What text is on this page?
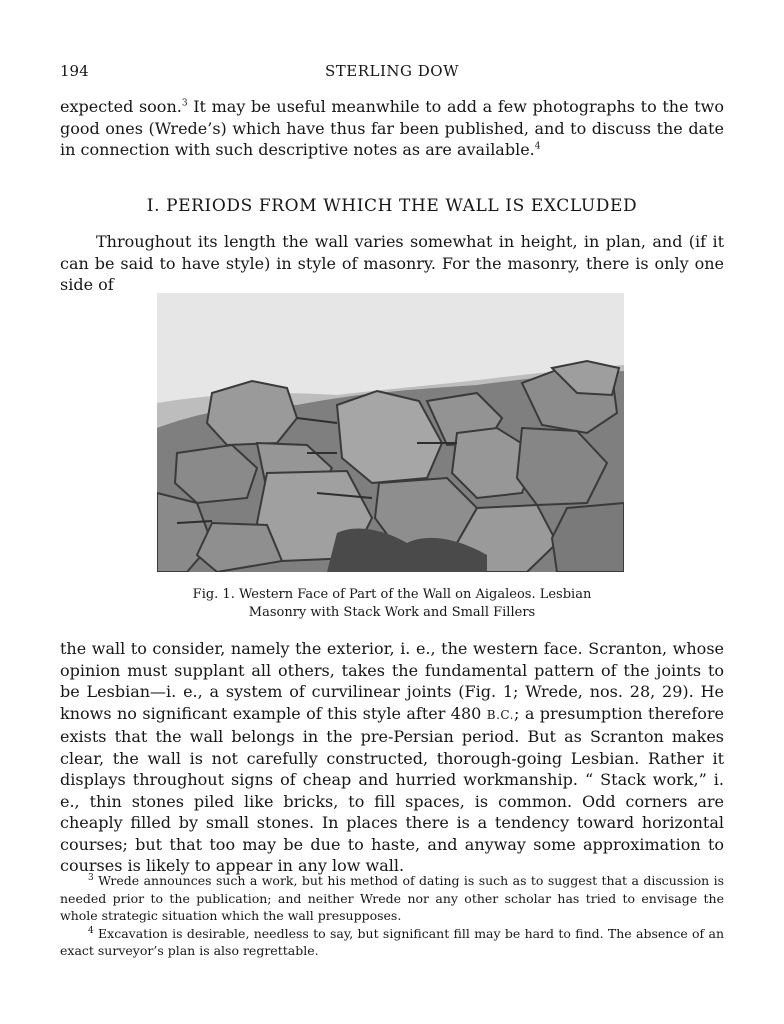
194	STERLING DOW

expected soon.$^3$ It may be useful meanwhile to add a few photographs to the two good ones (Wrede’s) which have thus far been published, and to discuss the date in connection with such descriptive notes as are available.$^4$

I. PERIODS FROM WHICH THE WALL IS EXCLUDED

Throughout its length the wall varies somewhat in height, in plan, and (if it can be said to have style) in style of masonry. For the masonry, there is only one side of

Fig. 1. Western Face of Part of the Wall on Aigaleos. Lesbian
Masonry with Stack Work and Small Fillers

the wall to consider, namely the exterior, i. e., the western face. Scranton, whose opinion must supplant all others, takes the fundamental pattern of the joints to be Lesbian—i. e., a system of curvilinear joints (Fig. 1; Wrede, nos. 28, 29). He knows no significant example of this style after 480 B.C.; a presumption therefore exists that the wall belongs in the pre-Persian period. But as Scranton makes clear, the wall is not carefully constructed, thorough-going Lesbian. Rather it displays throughout signs of cheap and hurried workmanship. “ Stack work,” i. e., thin stones piled like bricks, to fill spaces, is common. Odd corners are cheaply filled by small stones. In places there is a tendency toward horizontal courses; but that too may be due to haste, and anyway some approximation to courses is likely to appear in any low wall.

$^3$ Wrede announces such a work, but his method of dating is such as to suggest that a discussion is needed prior to the publication; and neither Wrede nor any other scholar has tried to envisage the whole strategic situation which the wall presupposes.

$^4$ Excavation is desirable, needless to say, but significant fill may be hard to find. The absence of an exact surveyor’s plan is also regrettable.
